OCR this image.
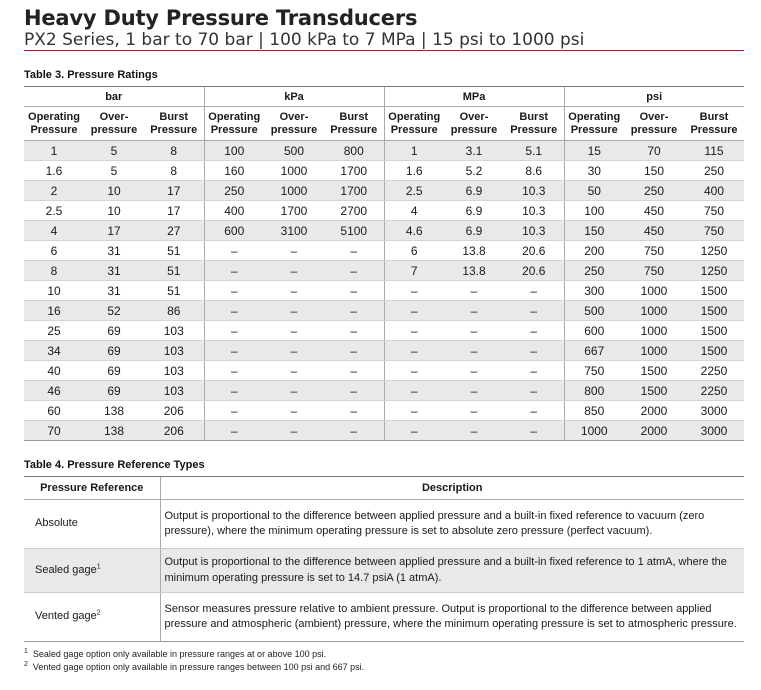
Heavy Duty Pressure Transducers
PX2 Series, 1 bar to 70 bar | 100 kPa to 7 MPa | 15 psi to 1000 psi
Table 3. Pressure Ratings
bar			kPa			MPa			psi		
Operating Pressure	Over-pressure	Burst Pressure	Operating Pressure	Over-pressure	Burst Pressure	Operating Pressure	Over-pressure	Burst Pressure	Operating Pressure	Over-pressure	Burst Pressure
1	5	8	100	500	800	1	3.1	5.1	15	70	115
1.6	5	8	160	1000	1700	1.6	5.2	8.6	30	150	250
2	10	17	250	1000	1700	2.5	6.9	10.3	50	250	400
2.5	10	17	400	1700	2700	4	6.9	10.3	100	450	750
4	17	27	600	3100	5100	4.6	6.9	10.3	150	450	750
6	31	51	–	–	–	6	13.8	20.6	200	750	1250
8	31	51	–	–	–	7	13.8	20.6	250	750	1250
10	31	51	–	–	–	–	–	–	300	1000	1500
16	52	86	–	–	–	–	–	–	500	1000	1500
25	69	103	–	–	–	–	–	–	600	1000	1500
34	69	103	–	–	–	–	–	–	667	1000	1500
40	69	103	–	–	–	–	–	–	750	1500	2250
46	69	103	–	–	–	–	–	–	800	1500	2250
60	138	206	–	–	–	–	–	–	850	2000	3000
70	138	206	–	–	–	–	–	–	1000	2000	3000
Table 4. Pressure Reference Types
Pressure Reference	Description
Absolute	Output is proportional to the difference between applied pressure and a built-in fixed reference to vacuum (zero pressure), where the minimum operating pressure is set to absolute zero pressure (perfect vacuum).
Sealed gage$^1$	Output is proportional to the difference between applied pressure and a built-in fixed reference to 1 atmA, where the minimum operating pressure is set to 14.7 psiA (1 atmA).
Vented gage$^2$	Sensor measures pressure relative to ambient pressure. Output is proportional to the difference between applied pressure and atmospheric (ambient) pressure, where the minimum operating pressure is set to atmospheric pressure.
$^1$ Sealed gage option only available in pressure ranges at or above 100 psi.
$^2$ Vented gage option only available in pressure ranges between 100 psi and 667 psi.
